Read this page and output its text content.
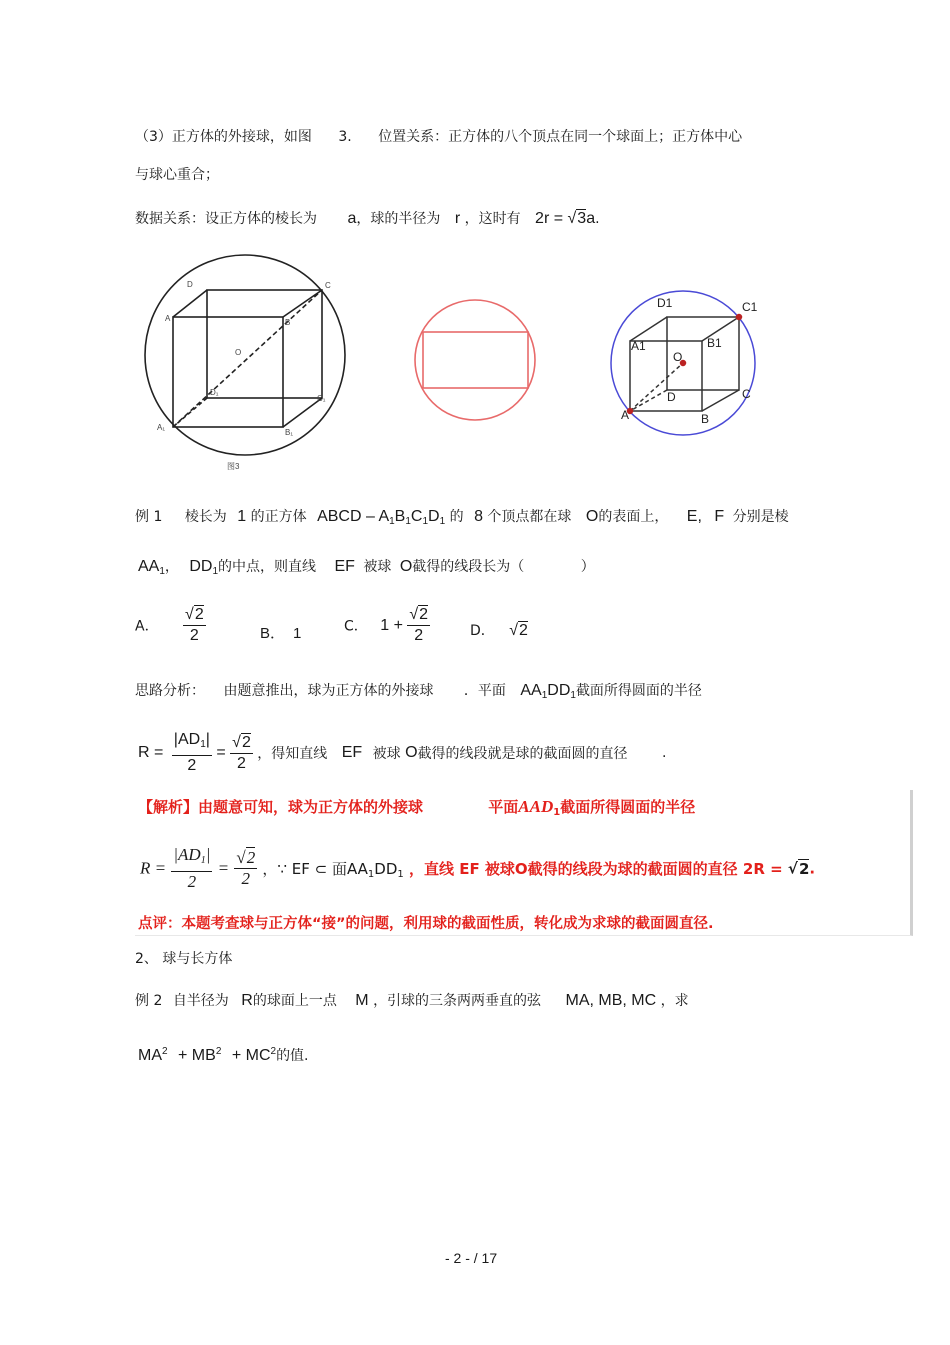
（3）正方体的外接球，如图 3. 位置关系：正方体的八个顶点在同一个球面上；正方体中心
与球心重合；
数据关系：设正方体的棱长为 a，球的半径为 r ，这时有 2r = √3a.
D	C
A	B
O
D₁
A₁
C₁
B₁
图3
D1	C1
A1
O
B1
D	C
A	B
例 1 棱长为 1 的正方体 ABCD – $A_1B_1C_1D_1$ 的 8 个顶点都在球 O的表面上， E, F 分别是棱
$AA_1$， $DD_1$的中点，则直线 EF 被球 O截得的线段长为（	）
A． $\frac{√2}{2}$	B． 1	C． $1 + \frac{√2}{2}$	D． √2
思路分析： 由题意推出，球为正方体的外接球 ．平面 $AA_1DD_1$截面所得圆面的半径
$R = \frac{|AD_1|}{2} = \frac{√2}{2}$ ，得知直线 EF 被球 O截得的线段就是球的截面圆的直径 .
【解析】由题意可知，球为正方体的外接球	平面$AAD_1$截面所得圆面的半径
$R = \frac{|AD_1|}{2} = \frac{√2}{2}$ ，∵ EF ⊂ 面$AA_1DD_1$ ，直线 EF 被球O截得的线段为球的截面圆的直径 2R = √2.
点评：本题考查球与正方体“接”的问题，利用球的截面性质，转化成为求球的截面圆直径.
2、 球与长方体
例 2 自半径为 R的球面上一点 M ，引球的三条两两垂直的弦 MA, MB, MC ，求
$MA^2 + MB^2 + MC^2$的值.
- 2 - / 17
